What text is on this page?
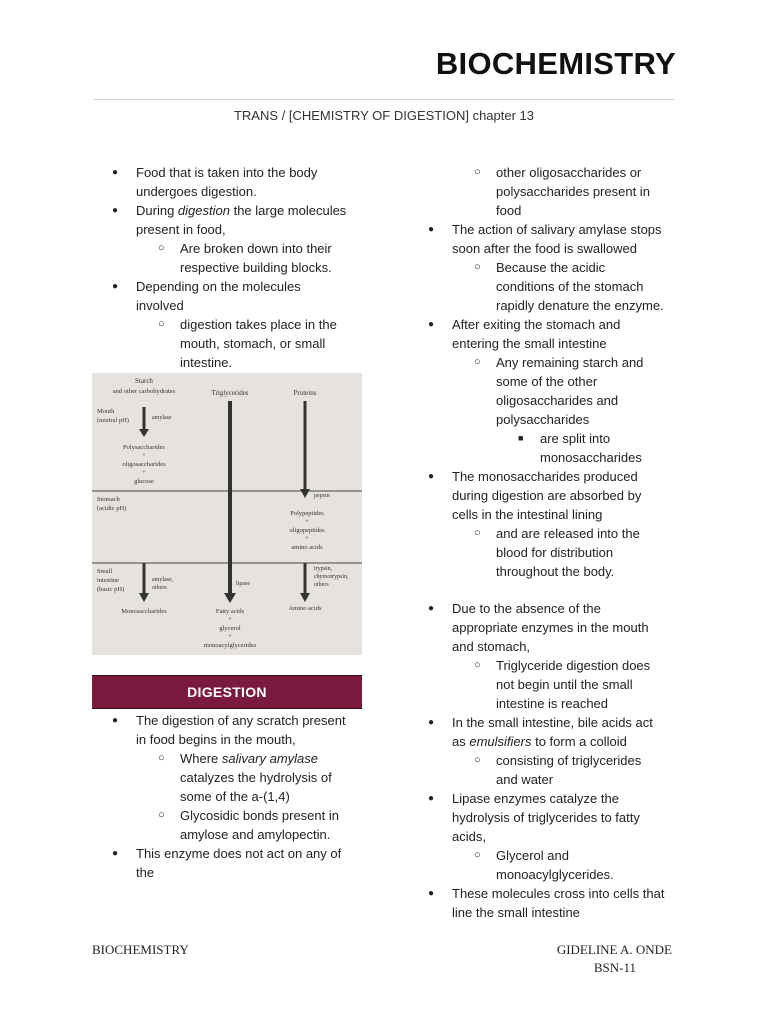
BIOCHEMISTRY
TRANS / [CHEMISTRY OF DIGESTION] chapter 13
● Food that is taken into the body
undergoes digestion.
● During digestion the large molecules
present in food,
○ Are broken down into their
respective building blocks.
● Depending on the molecules
involved
○ digestion takes place in the
mouth, stomach, or small
intestine.
Starch
and other carbohydrates	Triglycerides	Proteins
Mouth
(neutral pH)	amylase
Polysaccharides
+
oligosaccharides
+
glucose
Stomach
(acidic pH)
pepsin
Polypeptides
+
oligopeptides
+
amino acids
Small
intestine
(basic pH)
amylase,
others
lipase
trypsin,
chymotrypsin,
others
Monosaccharides	Fatty acids
+
glycerol
+
monoacylglycerides
Amino acids
DIGESTION
● The digestion of any scratch present
in food begins in the mouth,
○ Where salivary amylase
catalyzes the hydrolysis of
some of the a-(1,4)
○ Glycosidic bonds present in
amylose and amylopectin.
● This enzyme does not act on any of
the
○ other oligosaccharides or
polysaccharides present in
food
● The action of salivary amylase stops
soon after the food is swallowed
○ Because the acidic
conditions of the stomach
rapidly denature the enzyme.
● After exiting the stomach and
entering the small intestine
○ Any remaining starch and
some of the other
oligosaccharides and
polysaccharides
■ are split into
monosaccharides
● The monosaccharides produced
during digestion are absorbed by
cells in the intestinal lining
○ and are released into the
blood for distribution
throughout the body.
● Due to the absence of the
appropriate enzymes in the mouth
and stomach,
○ Triglyceride digestion does
not begin until the small
intestine is reached
● In the small intestine, bile acids act
as emulsifiers to form a colloid
○ consisting of triglycerides
and water
● Lipase enzymes catalyze the
hydrolysis of triglycerides to fatty
acids,
○ Glycerol and
monoacylglycerides.
● These molecules cross into cells that
line the small intestine
BIOCHEMISTRY	GIDELINE A. ONDE
BSN-11
